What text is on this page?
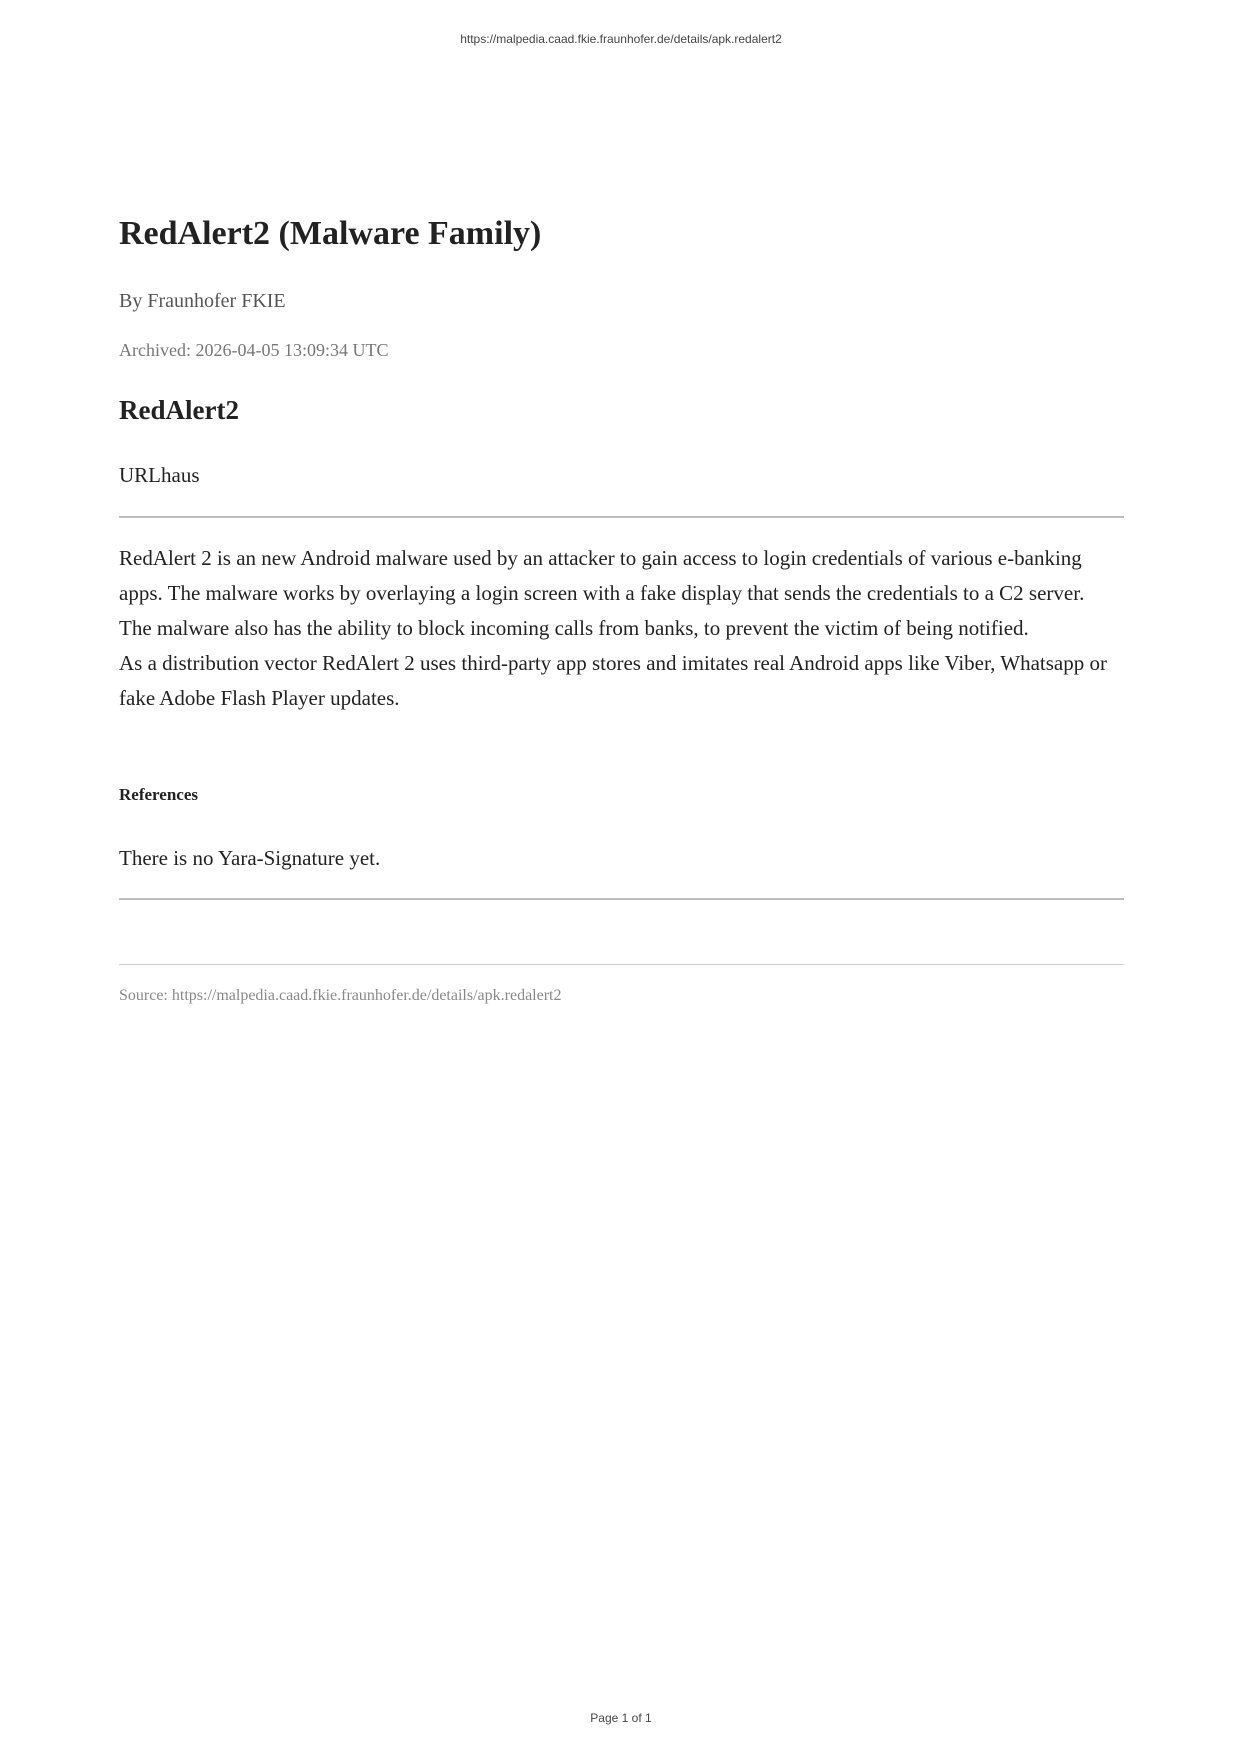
https://malpedia.caad.fkie.fraunhofer.de/details/apk.redalert2
RedAlert2 (Malware Family)
By Fraunhofer FKIE
Archived: 2026-04-05 13:09:34 UTC
RedAlert2
URLhaus

RedAlert 2 is an new Android malware used by an attacker to gain access to login credentials of various e-banking apps. The malware works by overlaying a login screen with a fake display that sends the credentials to a C2 server.

The malware also has the ability to block incoming calls from banks, to prevent the victim of being notified.

As a distribution vector RedAlert 2 uses third-party app stores and imitates real Android apps like Viber, Whatsapp or fake Adobe Flash Player updates.

References
There is no Yara-Signature yet.
Source: https://malpedia.caad.fkie.fraunhofer.de/details/apk.redalert2
Page 1 of 1
